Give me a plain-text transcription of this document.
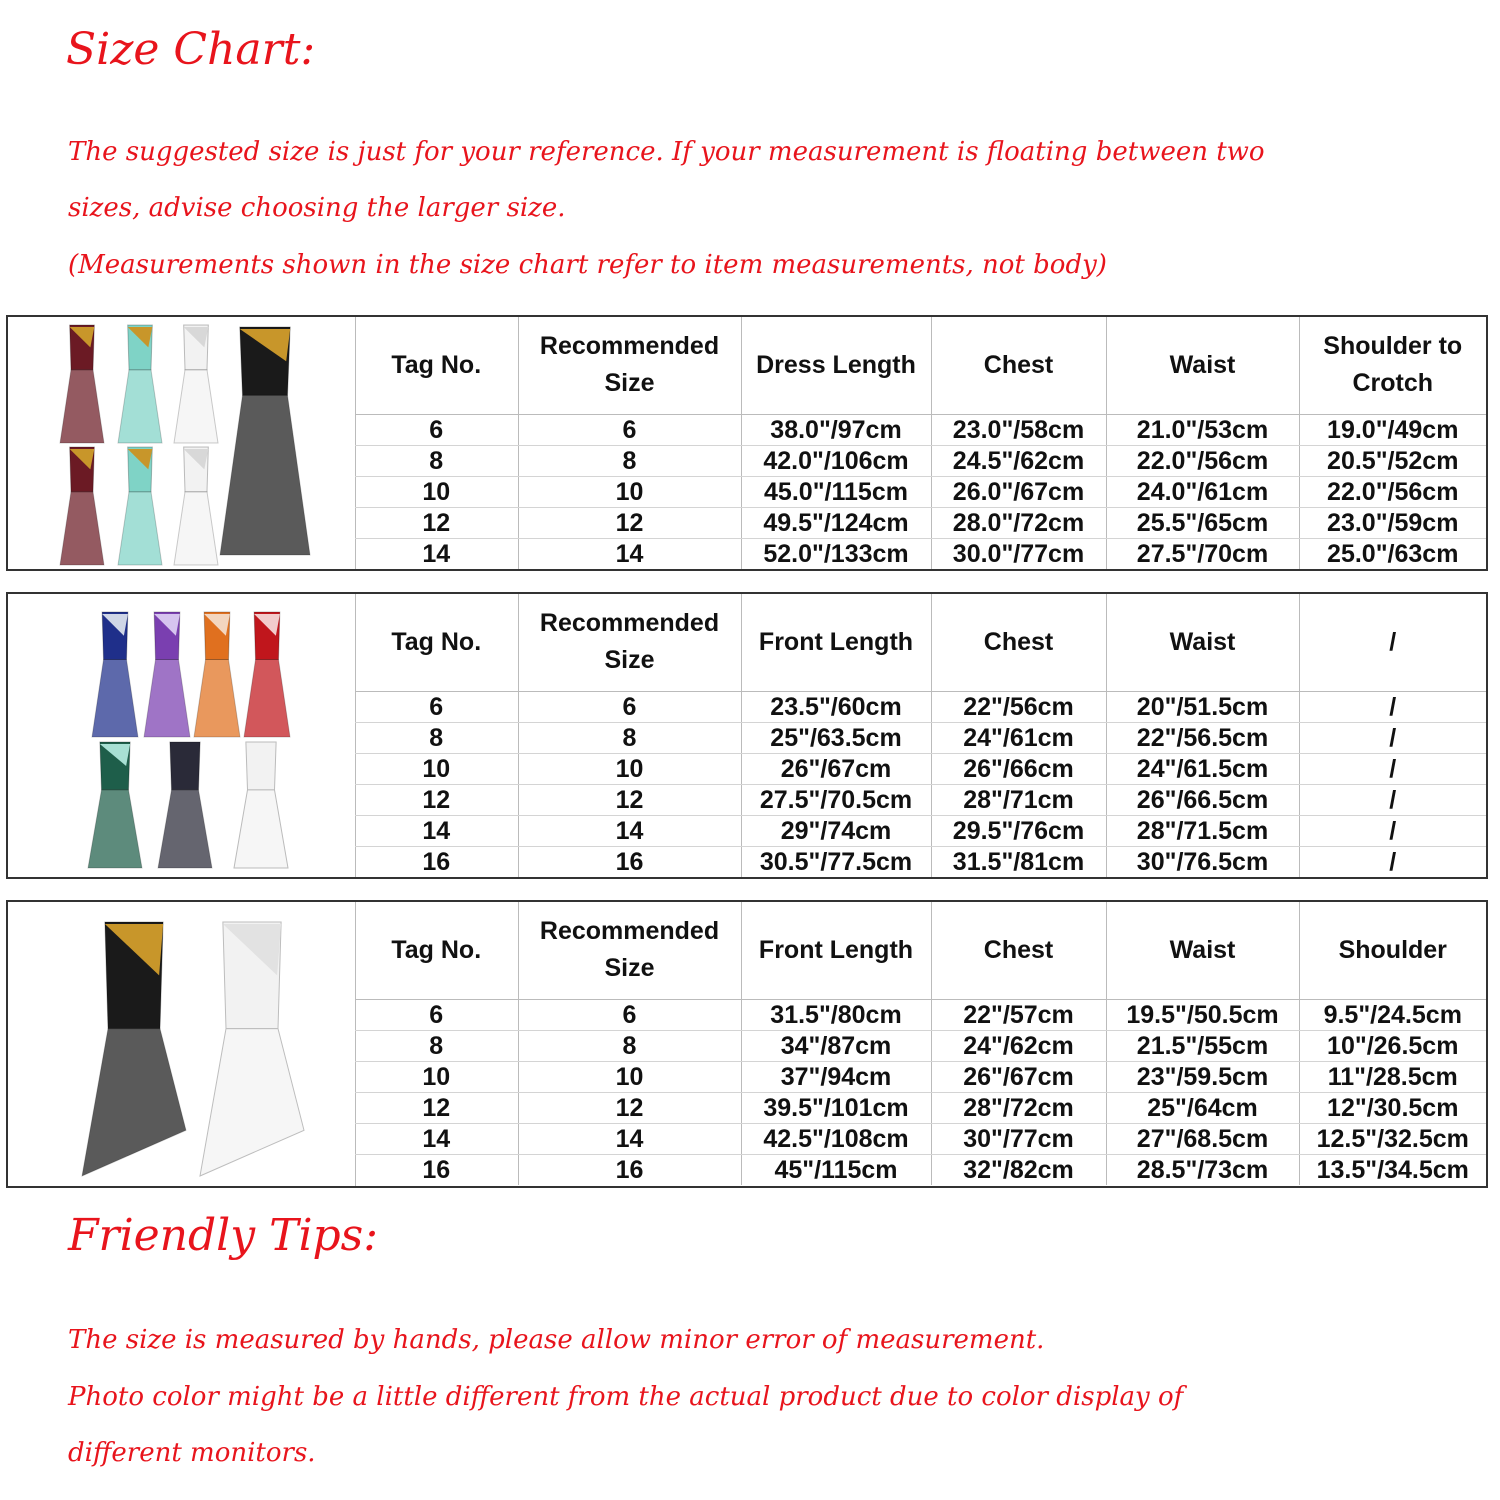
Size Chart:

The suggested size is just for your reference. If your measurement is floating between two

sizes, advise choosing the larger size.

(Measurements shown in the size chart refer to item measurements, not body)

Tag No.	Recommended Size	Dress Length	Chest	Waist	Shoulder to Crotch
6	6	38.0"/97cm	23.0"/58cm	21.0"/53cm	19.0"/49cm
8	8	42.0"/106cm	24.5"/62cm	22.0"/56cm	20.5"/52cm
10	10	45.0"/115cm	26.0"/67cm	24.0"/61cm	22.0"/56cm
12	12	49.5"/124cm	28.0"/72cm	25.5"/65cm	23.0"/59cm
14	14	52.0"/133cm	30.0"/77cm	27.5"/70cm	25.0"/63cm
Tag No.	Recommended Size	Front Length	Chest	Waist	/
6	6	23.5"/60cm	22"/56cm	20"/51.5cm	/
8	8	25"/63.5cm	24"/61cm	22"/56.5cm	/
10	10	26"/67cm	26"/66cm	24"/61.5cm	/
12	12	27.5"/70.5cm	28"/71cm	26"/66.5cm	/
14	14	29"/74cm	29.5"/76cm	28"/71.5cm	/
16	16	30.5"/77.5cm	31.5"/81cm	30"/76.5cm	/
Tag No.	Recommended Size	Front Length	Chest	Waist	Shoulder
6	6	31.5"/80cm	22"/57cm	19.5"/50.5cm	9.5"/24.5cm
8	8	34"/87cm	24"/62cm	21.5"/55cm	10"/26.5cm
10	10	37"/94cm	26"/67cm	23"/59.5cm	11"/28.5cm
12	12	39.5"/101cm	28"/72cm	25"/64cm	12"/30.5cm
14	14	42.5"/108cm	30"/77cm	27"/68.5cm	12.5"/32.5cm
16	16	45"/115cm	32"/82cm	28.5"/73cm	13.5"/34.5cm
Friendly Tips:

The size is measured by hands, please allow minor error of measurement.

Photo color might be a little different from the actual product due to color display of

different monitors.
